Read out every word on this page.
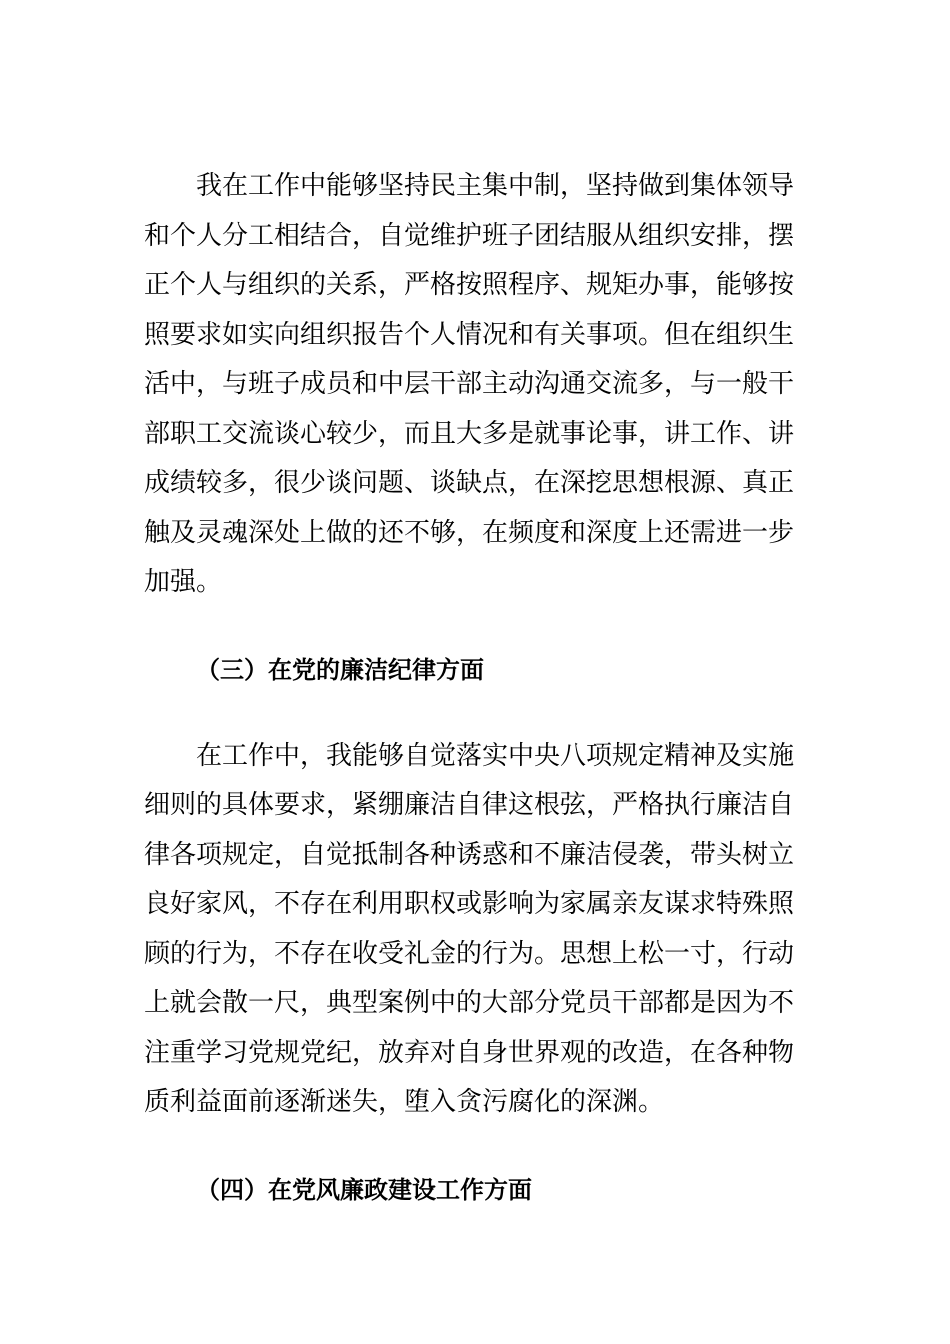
我在工作中能够坚持民主集中制，坚持做到集体领导
和个人分工相结合，自觉维护班子团结服从组织安排，摆
正个人与组织的关系，严格按照程序、规矩办事，能够按
照要求如实向组织报告个人情况和有关事项。但在组织生
活中，与班子成员和中层干部主动沟通交流多，与一般干
部职工交流谈心较少，而且大多是就事论事，讲工作、讲
成绩较多，很少谈问题、谈缺点，在深挖思想根源、真正
触及灵魂深处上做的还不够，在频度和深度上还需进一步
加强。
（三）在党的廉洁纪律方面
在工作中，我能够自觉落实中央八项规定精神及实施
细则的具体要求，紧绷廉洁自律这根弦，严格执行廉洁自
律各项规定，自觉抵制各种诱惑和不廉洁侵袭，带头树立
良好家风，不存在利用职权或影响为家属亲友谋求特殊照
顾的行为，不存在收受礼金的行为。思想上松一寸，行动
上就会散一尺，典型案例中的大部分党员干部都是因为不
注重学习党规党纪，放弃对自身世界观的改造，在各种物
质利益面前逐渐迷失，堕入贪污腐化的深渊。
（四）在党风廉政建设工作方面
